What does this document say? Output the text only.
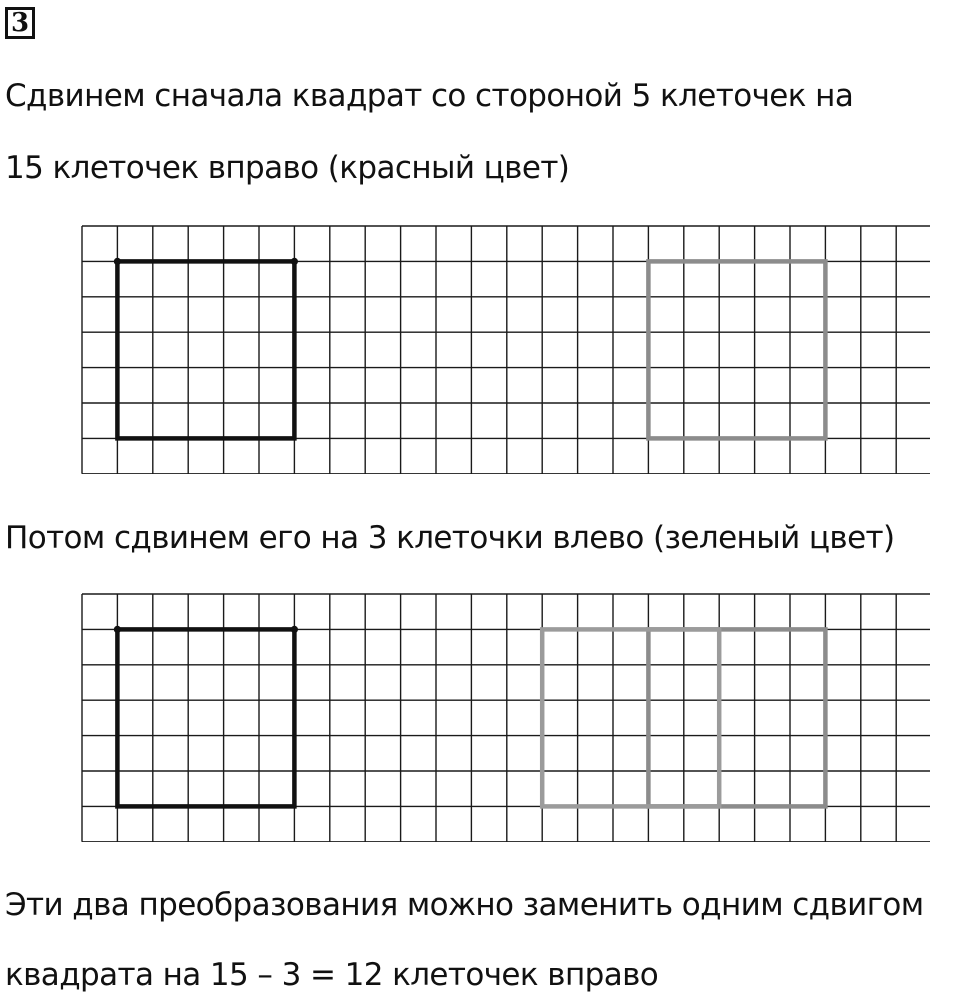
3
Сдвинем сначала квадрат со стороной 5 клеточек на
15 клеточек вправо (красный цвет)
Потом сдвинем его на 3 клеточки влево (зеленый цвет)
Эти два преобразования можно заменить одним сдвигом
квадрата на 15 – 3 = 12 клеточек вправо
